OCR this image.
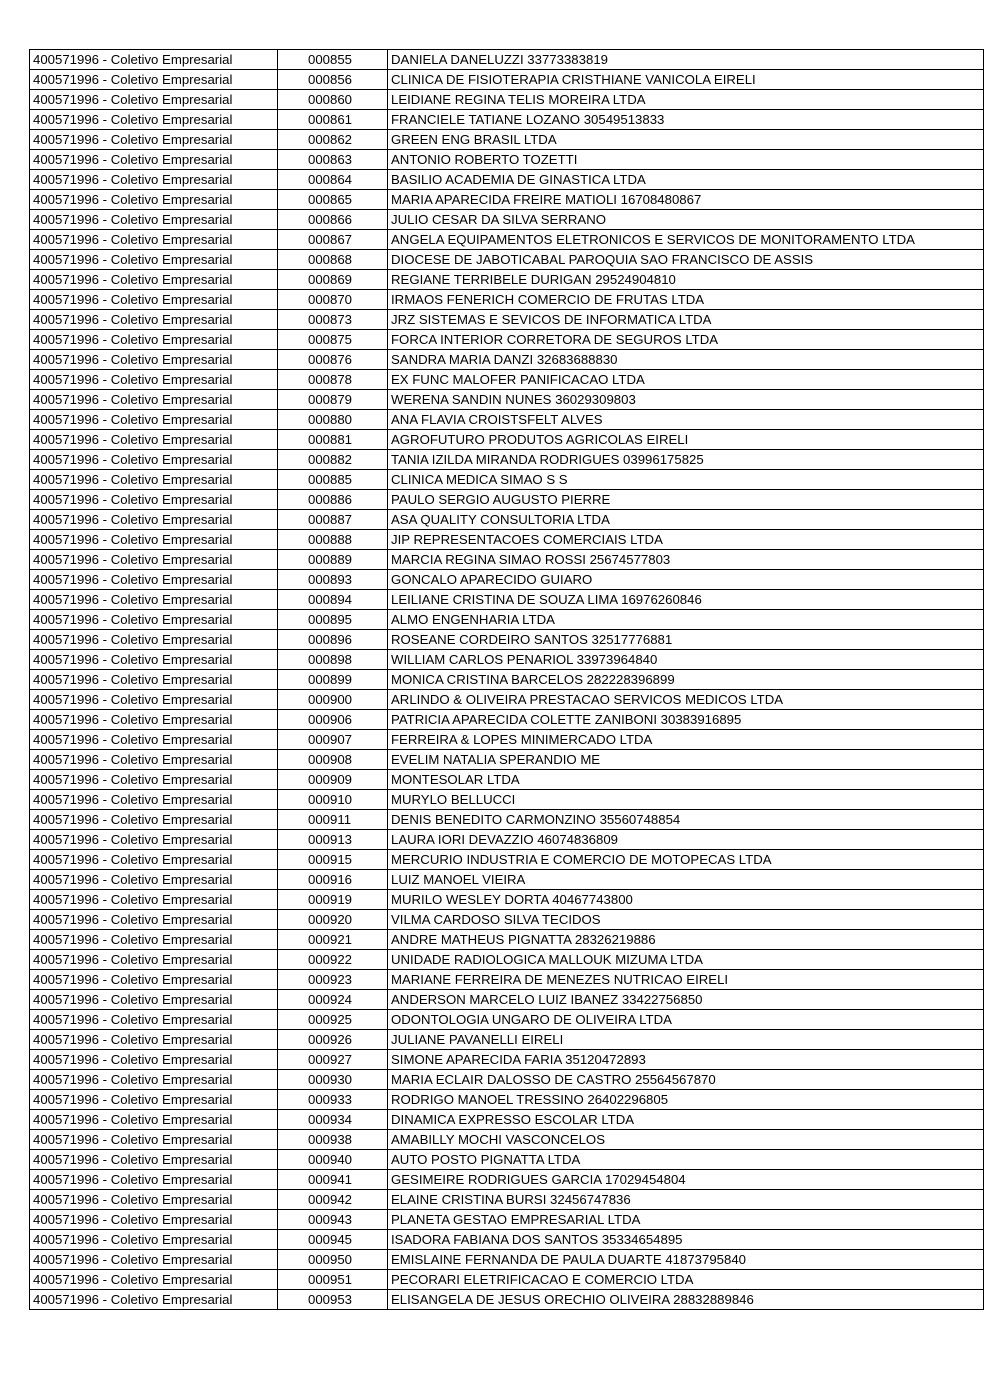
400571996 - Coletivo Empresarial	000855	DANIELA DANELUZZI 33773383819
400571996 - Coletivo Empresarial	000856	CLINICA DE FISIOTERAPIA CRISTHIANE VANICOLA EIRELI
400571996 - Coletivo Empresarial	000860	LEIDIANE REGINA TELIS MOREIRA LTDA
400571996 - Coletivo Empresarial	000861	FRANCIELE TATIANE LOZANO 30549513833
400571996 - Coletivo Empresarial	000862	GREEN ENG BRASIL LTDA
400571996 - Coletivo Empresarial	000863	ANTONIO ROBERTO TOZETTI
400571996 - Coletivo Empresarial	000864	BASILIO ACADEMIA DE GINASTICA LTDA
400571996 - Coletivo Empresarial	000865	MARIA APARECIDA FREIRE MATIOLI 16708480867
400571996 - Coletivo Empresarial	000866	JULIO CESAR DA SILVA SERRANO
400571996 - Coletivo Empresarial	000867	ANGELA EQUIPAMENTOS ELETRONICOS E SERVICOS DE MONITORAMENTO LTDA
400571996 - Coletivo Empresarial	000868	DIOCESE DE JABOTICABAL PAROQUIA SAO FRANCISCO DE ASSIS
400571996 - Coletivo Empresarial	000869	REGIANE TERRIBELE DURIGAN 29524904810
400571996 - Coletivo Empresarial	000870	IRMAOS FENERICH COMERCIO DE FRUTAS LTDA
400571996 - Coletivo Empresarial	000873	JRZ SISTEMAS E SEVICOS DE INFORMATICA LTDA
400571996 - Coletivo Empresarial	000875	FORCA INTERIOR CORRETORA DE SEGUROS LTDA
400571996 - Coletivo Empresarial	000876	SANDRA MARIA DANZI 32683688830
400571996 - Coletivo Empresarial	000878	EX FUNC MALOFER PANIFICACAO LTDA
400571996 - Coletivo Empresarial	000879	WERENA SANDIN NUNES 36029309803
400571996 - Coletivo Empresarial	000880	ANA FLAVIA CROISTSFELT ALVES
400571996 - Coletivo Empresarial	000881	AGROFUTURO PRODUTOS AGRICOLAS EIRELI
400571996 - Coletivo Empresarial	000882	TANIA IZILDA MIRANDA RODRIGUES 03996175825
400571996 - Coletivo Empresarial	000885	CLINICA MEDICA SIMAO S S
400571996 - Coletivo Empresarial	000886	PAULO SERGIO AUGUSTO PIERRE
400571996 - Coletivo Empresarial	000887	ASA QUALITY CONSULTORIA LTDA
400571996 - Coletivo Empresarial	000888	JIP REPRESENTACOES COMERCIAIS LTDA
400571996 - Coletivo Empresarial	000889	MARCIA REGINA SIMAO ROSSI 25674577803
400571996 - Coletivo Empresarial	000893	GONCALO APARECIDO GUIARO
400571996 - Coletivo Empresarial	000894	LEILIANE CRISTINA DE SOUZA LIMA 16976260846
400571996 - Coletivo Empresarial	000895	ALMO ENGENHARIA LTDA
400571996 - Coletivo Empresarial	000896	ROSEANE CORDEIRO SANTOS 32517776881
400571996 - Coletivo Empresarial	000898	WILLIAM CARLOS PENARIOL 33973964840
400571996 - Coletivo Empresarial	000899	MONICA CRISTINA BARCELOS 282228396899
400571996 - Coletivo Empresarial	000900	ARLINDO & OLIVEIRA PRESTACAO SERVICOS MEDICOS LTDA
400571996 - Coletivo Empresarial	000906	PATRICIA APARECIDA COLETTE ZANIBONI 30383916895
400571996 - Coletivo Empresarial	000907	FERREIRA & LOPES MINIMERCADO LTDA
400571996 - Coletivo Empresarial	000908	EVELIM NATALIA SPERANDIO ME
400571996 - Coletivo Empresarial	000909	MONTESOLAR LTDA
400571996 - Coletivo Empresarial	000910	MURYLO BELLUCCI
400571996 - Coletivo Empresarial	000911	DENIS BENEDITO CARMONZINO 35560748854
400571996 - Coletivo Empresarial	000913	LAURA IORI DEVAZZIO 46074836809
400571996 - Coletivo Empresarial	000915	MERCURIO INDUSTRIA E COMERCIO DE MOTOPECAS LTDA
400571996 - Coletivo Empresarial	000916	LUIZ MANOEL VIEIRA
400571996 - Coletivo Empresarial	000919	MURILO WESLEY DORTA 40467743800
400571996 - Coletivo Empresarial	000920	VILMA CARDOSO SILVA TECIDOS
400571996 - Coletivo Empresarial	000921	ANDRE MATHEUS PIGNATTA 28326219886
400571996 - Coletivo Empresarial	000922	UNIDADE RADIOLOGICA MALLOUK MIZUMA LTDA
400571996 - Coletivo Empresarial	000923	MARIANE FERREIRA DE MENEZES NUTRICAO EIRELI
400571996 - Coletivo Empresarial	000924	ANDERSON MARCELO LUIZ IBANEZ 33422756850
400571996 - Coletivo Empresarial	000925	ODONTOLOGIA UNGARO DE OLIVEIRA LTDA
400571996 - Coletivo Empresarial	000926	JULIANE PAVANELLI EIRELI
400571996 - Coletivo Empresarial	000927	SIMONE APARECIDA FARIA 35120472893
400571996 - Coletivo Empresarial	000930	MARIA ECLAIR DALOSSO DE CASTRO 25564567870
400571996 - Coletivo Empresarial	000933	RODRIGO MANOEL TRESSINO 26402296805
400571996 - Coletivo Empresarial	000934	DINAMICA EXPRESSO ESCOLAR LTDA
400571996 - Coletivo Empresarial	000938	AMABILLY MOCHI VASCONCELOS
400571996 - Coletivo Empresarial	000940	AUTO POSTO PIGNATTA LTDA
400571996 - Coletivo Empresarial	000941	GESIMEIRE RODRIGUES GARCIA 17029454804
400571996 - Coletivo Empresarial	000942	ELAINE CRISTINA BURSI 32456747836
400571996 - Coletivo Empresarial	000943	PLANETA GESTAO EMPRESARIAL LTDA
400571996 - Coletivo Empresarial	000945	ISADORA FABIANA DOS SANTOS 35334654895
400571996 - Coletivo Empresarial	000950	EMISLAINE FERNANDA DE PAULA DUARTE 41873795840
400571996 - Coletivo Empresarial	000951	PECORARI ELETRIFICACAO E COMERCIO LTDA
400571996 - Coletivo Empresarial	000953	ELISANGELA DE JESUS ORECHIO OLIVEIRA 28832889846
